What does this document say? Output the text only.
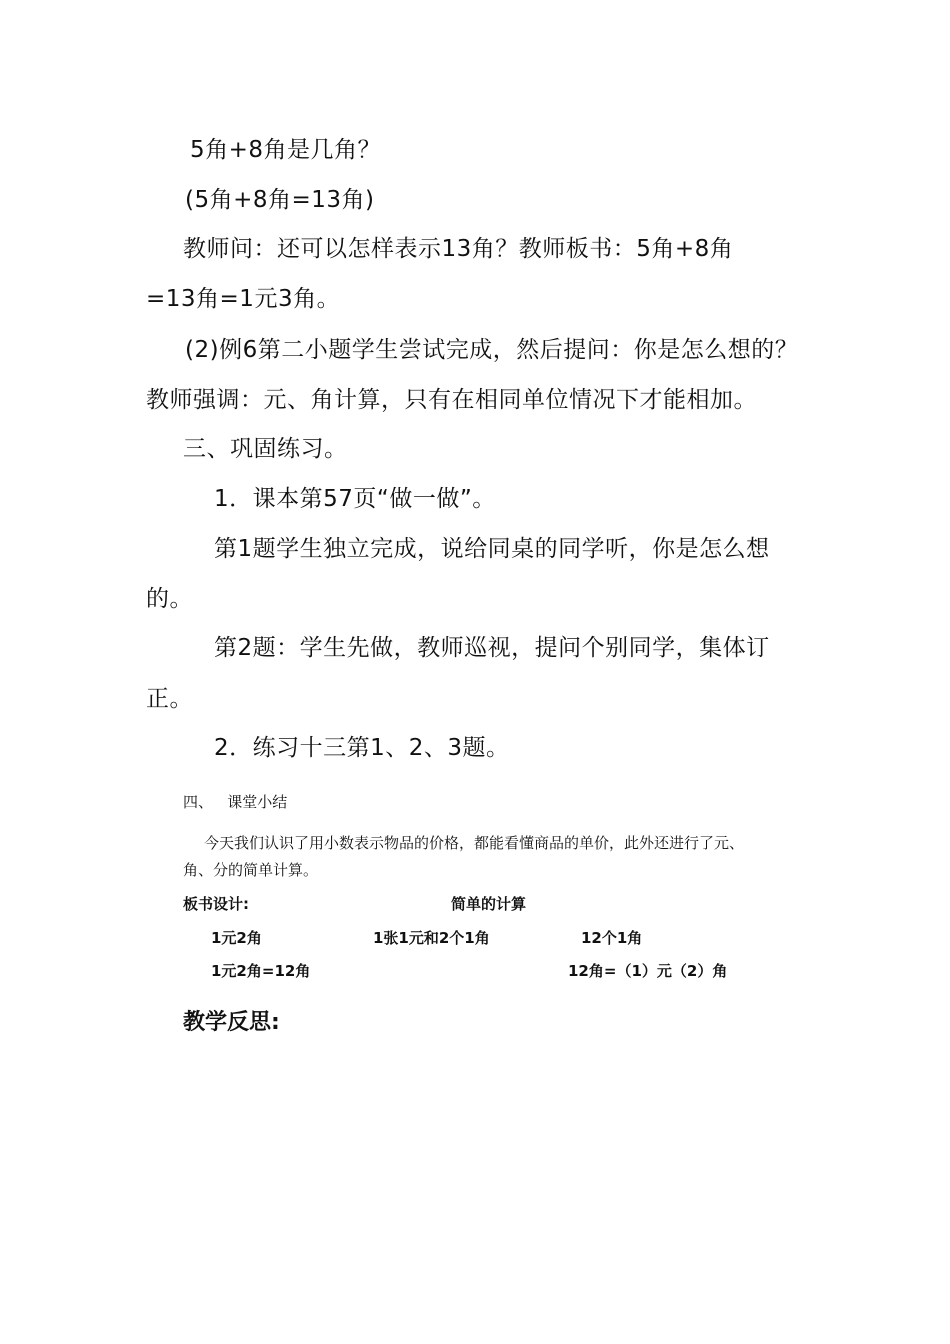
5角+8角是几角？
(5角+8角=13角)
教师问：还可以怎样表示13角？教师板书：5角+8角
=13角=1元3角。
(2)例6第二小题学生尝试完成，然后提问：你是怎么想的？
教师强调：元、角计算，只有在相同单位情况下才能相加。
三、巩固练习。
1．课本第57页“做一做”。
第1题学生独立完成，说给同桌的同学听，你是怎么想
的。
第2题：学生先做，教师巡视，提问个别同学，集体订
正。
2．练习十三第1、2、3题。
四、   课堂小结
今天我们认识了用小数表示物品的价格，都能看懂商品的单价，此外还进行了元、
角、分的简单计算。
板书设计:	简单的计算
1元2角	1张1元和2个1角	12个1角
1元2角=12角	12角=（1）元（2）角
教学反思:
